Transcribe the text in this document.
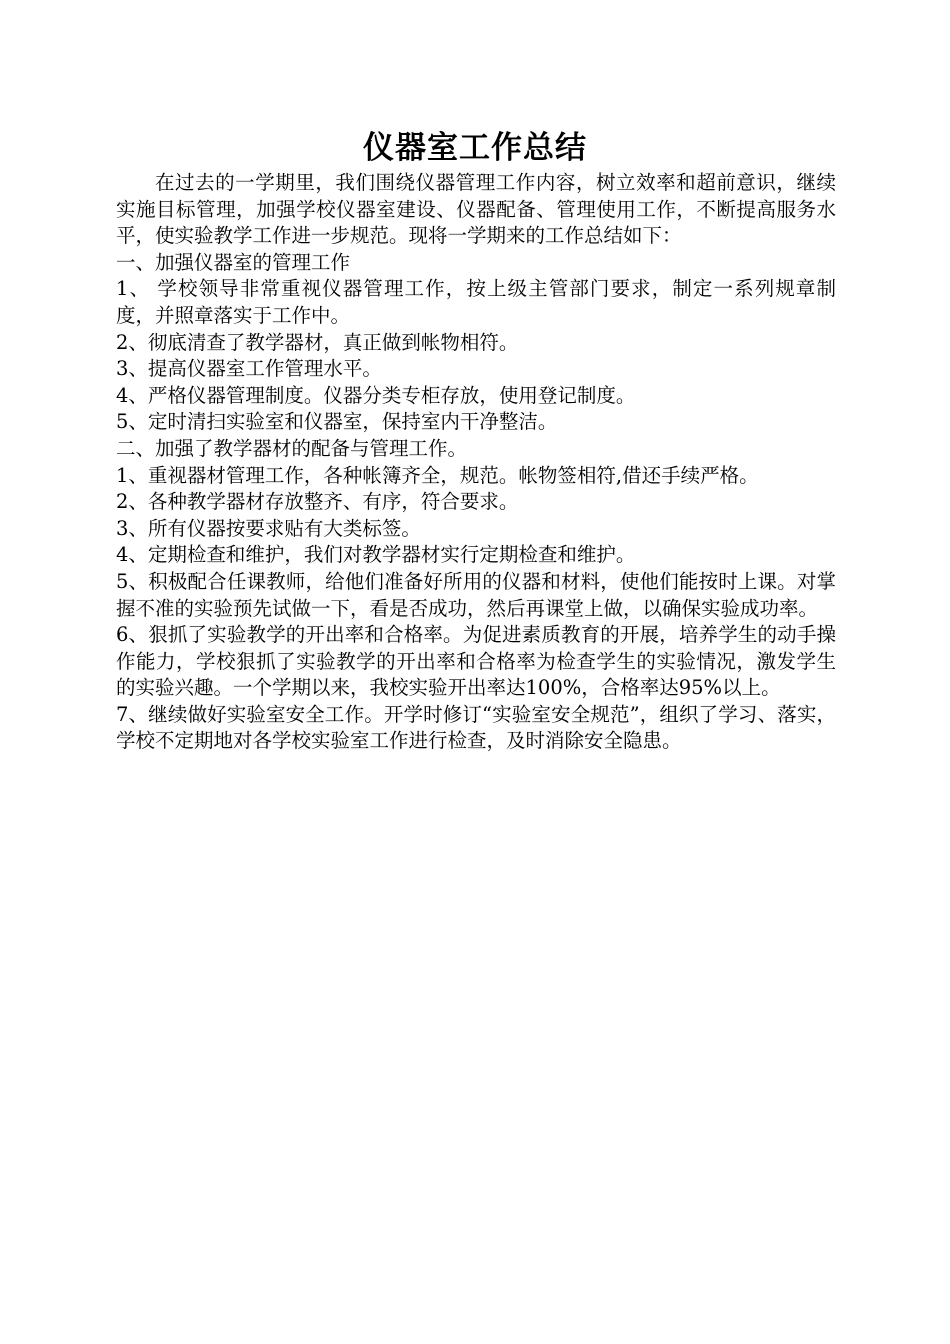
仪器室工作总结

在过去的一学期里，我们围绕仪器管理工作内容，树立效率和超前意识，继续实施目标管理，加强学校仪器室建设、仪器配备、管理使用工作，不断提高服务水平，使实验教学工作进一步规范。现将一学期来的工作总结如下：

一、加强仪器室的管理工作

1、 学校领导非常重视仪器管理工作，按上级主管部门要求，制定一系列规章制度，并照章落实于工作中。

2、彻底清查了教学器材，真正做到帐物相符。

3、提高仪器室工作管理水平。

4、严格仪器管理制度。仪器分类专柜存放，使用登记制度。

5、定时清扫实验室和仪器室，保持室内干净整洁。

二、加强了教学器材的配备与管理工作。

1、重视器材管理工作，各种帐簿齐全，规范。帐物签相符,借还手续严格。

2、各种教学器材存放整齐、有序，符合要求。

3、所有仪器按要求贴有大类标签。

4、定期检查和维护，我们对教学器材实行定期检查和维护。

5、积极配合任课教师，给他们准备好所用的仪器和材料，使他们能按时上课。对掌握不准的实验预先试做一下，看是否成功，然后再课堂上做，以确保实验成功率。

6、狠抓了实验教学的开出率和合格率。为促进素质教育的开展，培养学生的动手操作能力，学校狠抓了实验教学的开出率和合格率为检查学生的实验情况，激发学生的实验兴趣。一个学期以来，我校实验开出率达100%，合格率达95%以上。

7、继续做好实验室安全工作。开学时修订“实验室安全规范”，组织了学习、落实，学校不定期地对各学校实验室工作进行检查，及时消除安全隐患。
